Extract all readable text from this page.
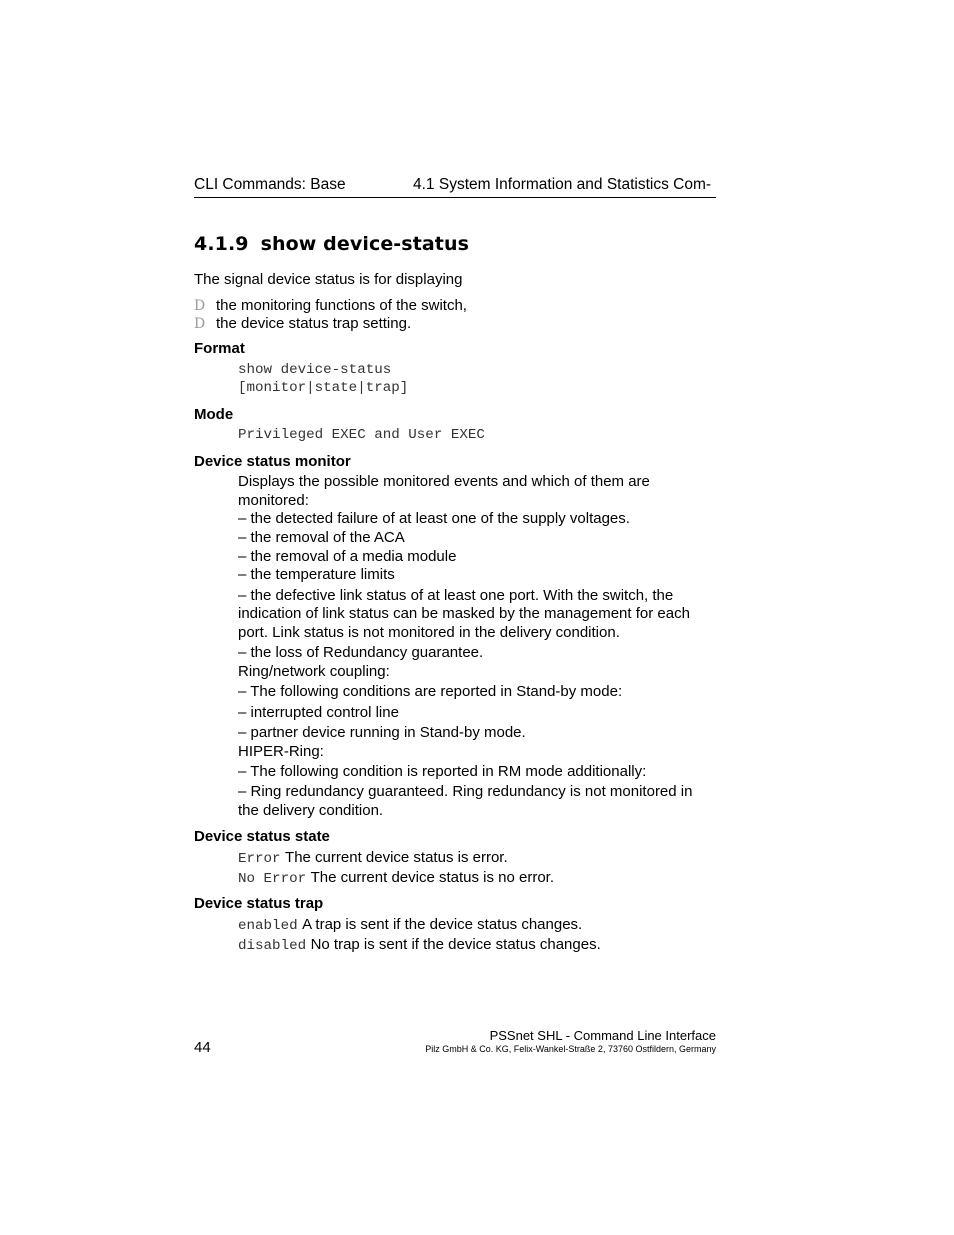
CLI Commands: Base	4.1 System Information and Statistics Com-
4.1.9 show device-status
The signal device status is for displaying
D the monitoring functions of the switch,
D the device status trap setting.
Format
show device-status
[monitor|state|trap]
Mode
Privileged EXEC and User EXEC
Device status monitor
Displays the possible monitored events and which of them are
monitored:
– the detected failure of at least one of the supply voltages.
– the removal of the ACA
– the removal of a media module
– the temperature limits
– the defective link status of at least one port. With the switch, the
indication of link status can be masked by the management for each
port. Link status is not monitored in the delivery condition.
– the loss of Redundancy guarantee.
Ring/network coupling:
– The following conditions are reported in Stand-by mode:
– interrupted control line
– partner device running in Stand-by mode.
HIPER-Ring:
– The following condition is reported in RM mode additionally:
– Ring redundancy guaranteed. Ring redundancy is not monitored in
the delivery condition.
Device status state
Error The current device status is error.
No Error The current device status is no error.
Device status trap
enabled A trap is sent if the device status changes.
disabled No trap is sent if the device status changes.
44
PSSnet SHL - Command Line Interface
Pilz GmbH & Co. KG, Felix-Wankel-Straße 2, 73760 Ostfildern, Germany
